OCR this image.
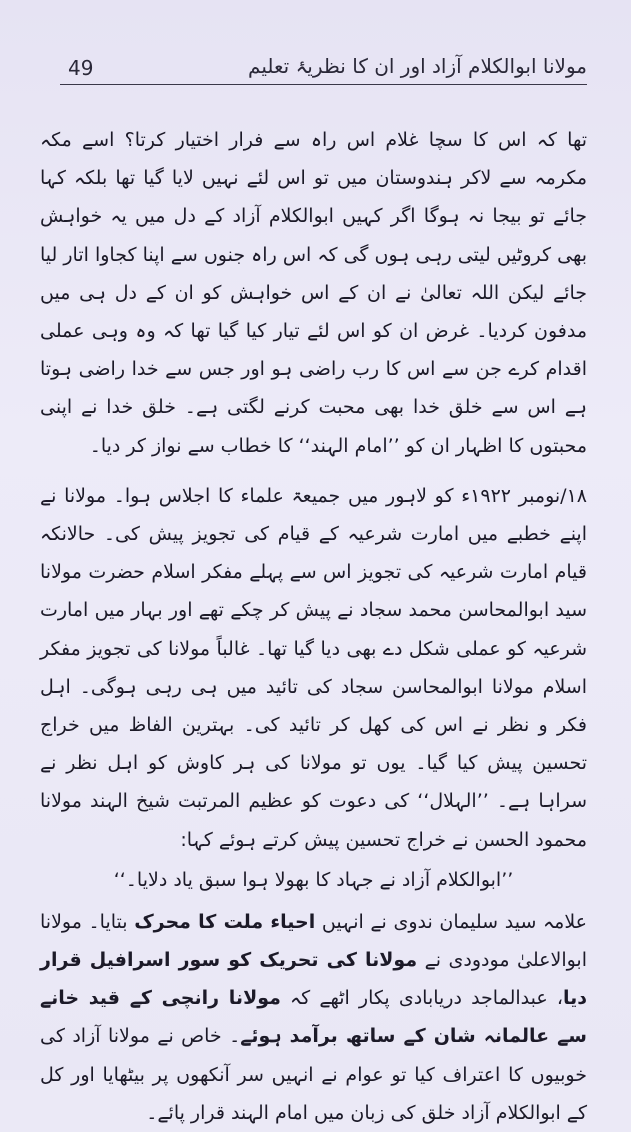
49	مولانا ابوالکلام آزاد اور ان کا نظریۂ تعلیم

تھا کہ اس کا سچا غلام اس راہ سے فرار اختیار کرتا؟ اسے مکہ مکرمہ سے لاکر ہندوستان میں تو اس لئے نہیں لایا گیا تھا بلکہ کہا جائے تو بیجا نہ ہوگا اگر کہیں ابوالکلام آزاد کے دل میں یہ خواہش بھی کروٹیں لیتی رہی ہوں گی کہ اس راہ جنوں سے اپنا کجاوا اتار لیا جائے لیکن اللہ تعالیٰ نے ان کے اس خواہش کو ان کے دل ہی میں مدفون کردیا۔ غرض ان کو اس لئے تیار کیا گیا تھا کہ وہ وہی عملی اقدام کرے جن سے اس کا رب راضی ہو اور جس سے خدا راضی ہوتا ہے اس سے خلق خدا بھی محبت کرنے لگتی ہے۔ خلق خدا نے اپنی محبتوں کا اظہار ان کو ’’امام الہند‘‘ کا خطاب سے نواز کر دیا۔

۱۸/نومبر ۱۹۲۲ء کو لاہور میں جمیعۃ علماء کا اجلاس ہوا۔ مولانا نے اپنے خطبے میں امارت شرعیہ کے قیام کی تجویز پیش کی۔ حالانکہ قیام امارت شرعیہ کی تجویز اس سے پہلے مفکر اسلام حضرت مولانا سید ابوالمحاسن محمد سجاد نے پیش کر چکے تھے اور بہار میں امارت شرعیہ کو عملی شکل دے بھی دیا گیا تھا۔ غالباً مولانا کی تجویز مفکر اسلام مولانا ابوالمحاسن سجاد کی تائید میں ہی رہی ہوگی۔ اہل فکر و نظر نے اس کی کھل کر تائید کی۔ بہترین الفاظ میں خراج تحسین پیش کیا گیا۔ یوں تو مولانا کی ہر کاوش کو اہل نظر نے سراہا ہے۔ ’’الہلال‘‘ کی دعوت کو عظیم المرتبت شیخ الہند مولانا محمود الحسن نے خراج تحسین پیش کرتے ہوئے کہا:

’’ابوالکلام آزاد نے جہاد کا بھولا ہوا سبق یاد دلایا۔‘‘

علامہ سید سلیمان ندوی نے انہیں احیاء ملت کا محرک بتایا۔ مولانا ابوالاعلیٰ مودودی نے مولانا کی تحریک کو سور اسرافیل قرار دیا، عبدالماجد دریابادی پکار اٹھے کہ مولانا رانچی کے قید خانے سے عالمانہ شان کے ساتھ برآمد ہوئے۔ خاص نے مولانا آزاد کی خوبیوں کا اعتراف کیا تو عوام نے انہیں سر آنکھوں پر بیٹھایا اور کل کے ابوالکلام آزاد خلق کی زبان میں امام الہند قرار پائے۔
